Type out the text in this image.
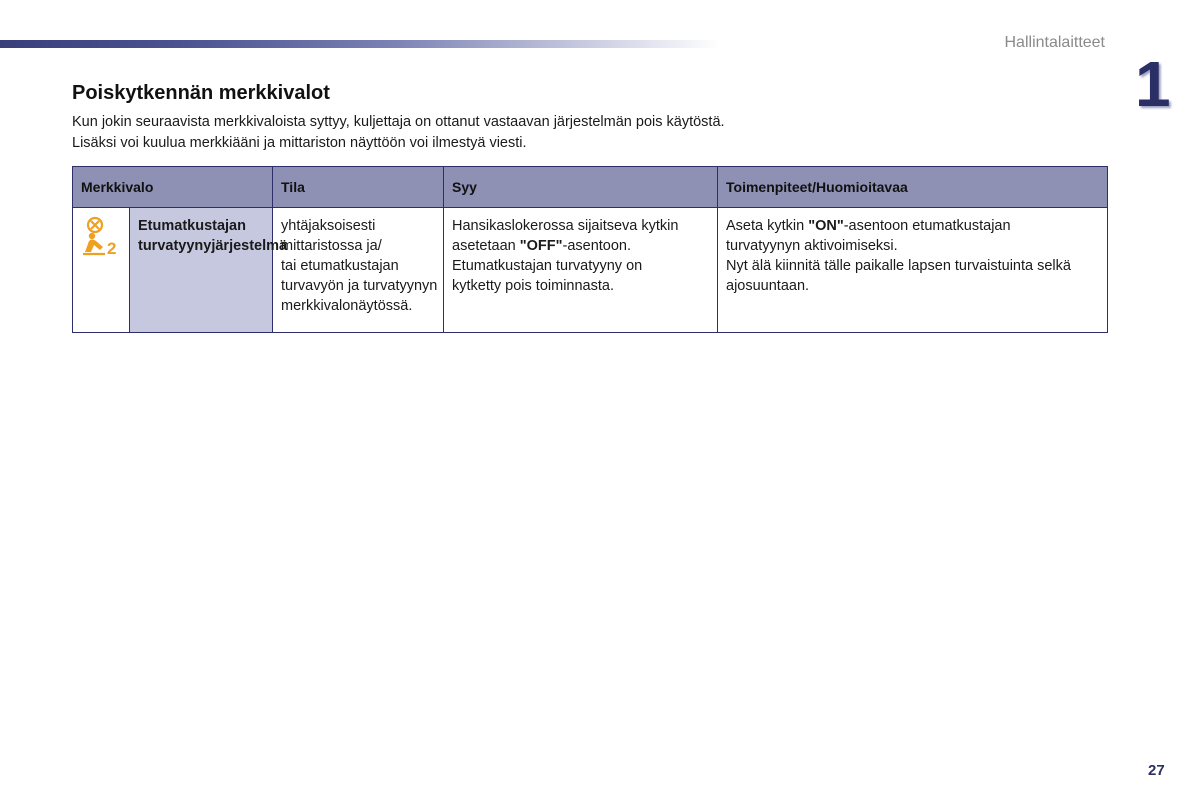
Hallintalaitteet
1
Poiskytkennän merkkivalot
Kun jokin seuraavista merkkivaloista syttyy, kuljettaja on ottanut vastaavan järjestelmän pois käytöstä.
Lisäksi voi kuulua merkkiääni ja mittariston näyttöön voi ilmestyä viesti.
Merkkivalo		Tila	Syy	Toimenpiteet/Huomioitavaa

2	Etumatkustajan
turvatyynyjärjestelmä	yhtäjaksoisesti
mittaristossa ja/
tai etumatkustajan
turvavyön ja turvatyynyn
merkkivalonäytössä.	Hansikaslokerossa sijaitseva kytkin
asetetaan "OFF"-asentoon.
Etumatkustajan turvatyyny on
kytketty pois toiminnasta.	Aseta kytkin "ON"-asentoon etumatkustajan
turvatyynyn aktivoimiseksi.
Nyt älä kiinnitä tälle paikalle lapsen turvaistuinta selkä
ajosuuntaan.
27
